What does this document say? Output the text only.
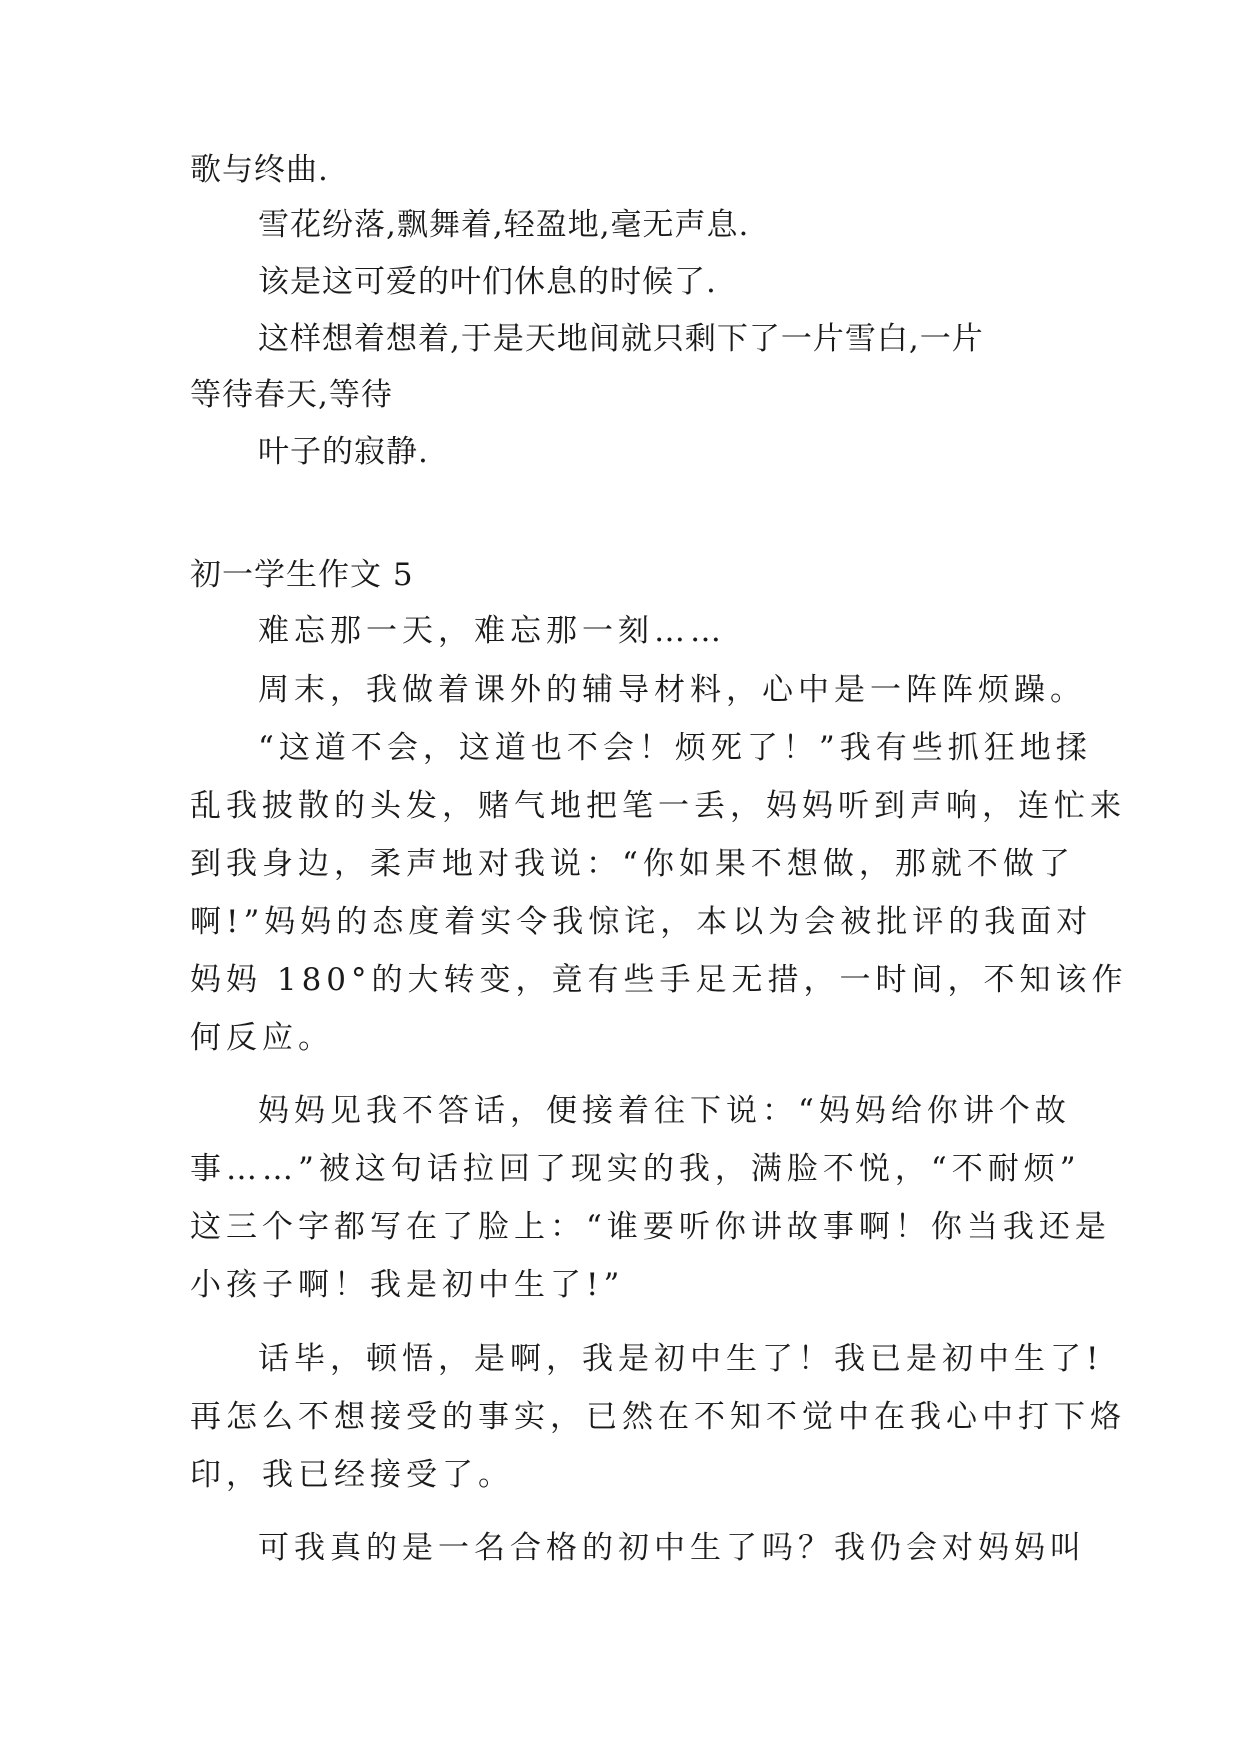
歌与终曲.
雪花纷落,飘舞着,轻盈地,毫无声息.
该是这可爱的叶们休息的时候了.
这样想着想着,于是天地间就只剩下了一片雪白,一片
等待春天,等待
叶子的寂静.
初一学生作文 5
难忘那一天，难忘那一刻……
周末，我做着课外的辅导材料，心中是一阵阵烦躁。
“这道不会，这道也不会！烦死了！”我有些抓狂地揉
乱我披散的头发，赌气地把笔一丢，妈妈听到声响，连忙来
到我身边，柔声地对我说：“你如果不想做，那就不做了
啊!”妈妈的态度着实令我惊诧，本以为会被批评的我面对
妈妈 180°的大转变，竟有些手足无措，一时间，不知该作
何反应。
妈妈见我不答话，便接着往下说：“妈妈给你讲个故
事……”被这句话拉回了现实的我，满脸不悦，“不耐烦”
这三个字都写在了脸上：“谁要听你讲故事啊！你当我还是
小孩子啊！我是初中生了!”
话毕，顿悟，是啊，我是初中生了！我已是初中生了!
再怎么不想接受的事实，已然在不知不觉中在我心中打下烙
印，我已经接受了。
可我真的是一名合格的初中生了吗？我仍会对妈妈叫
